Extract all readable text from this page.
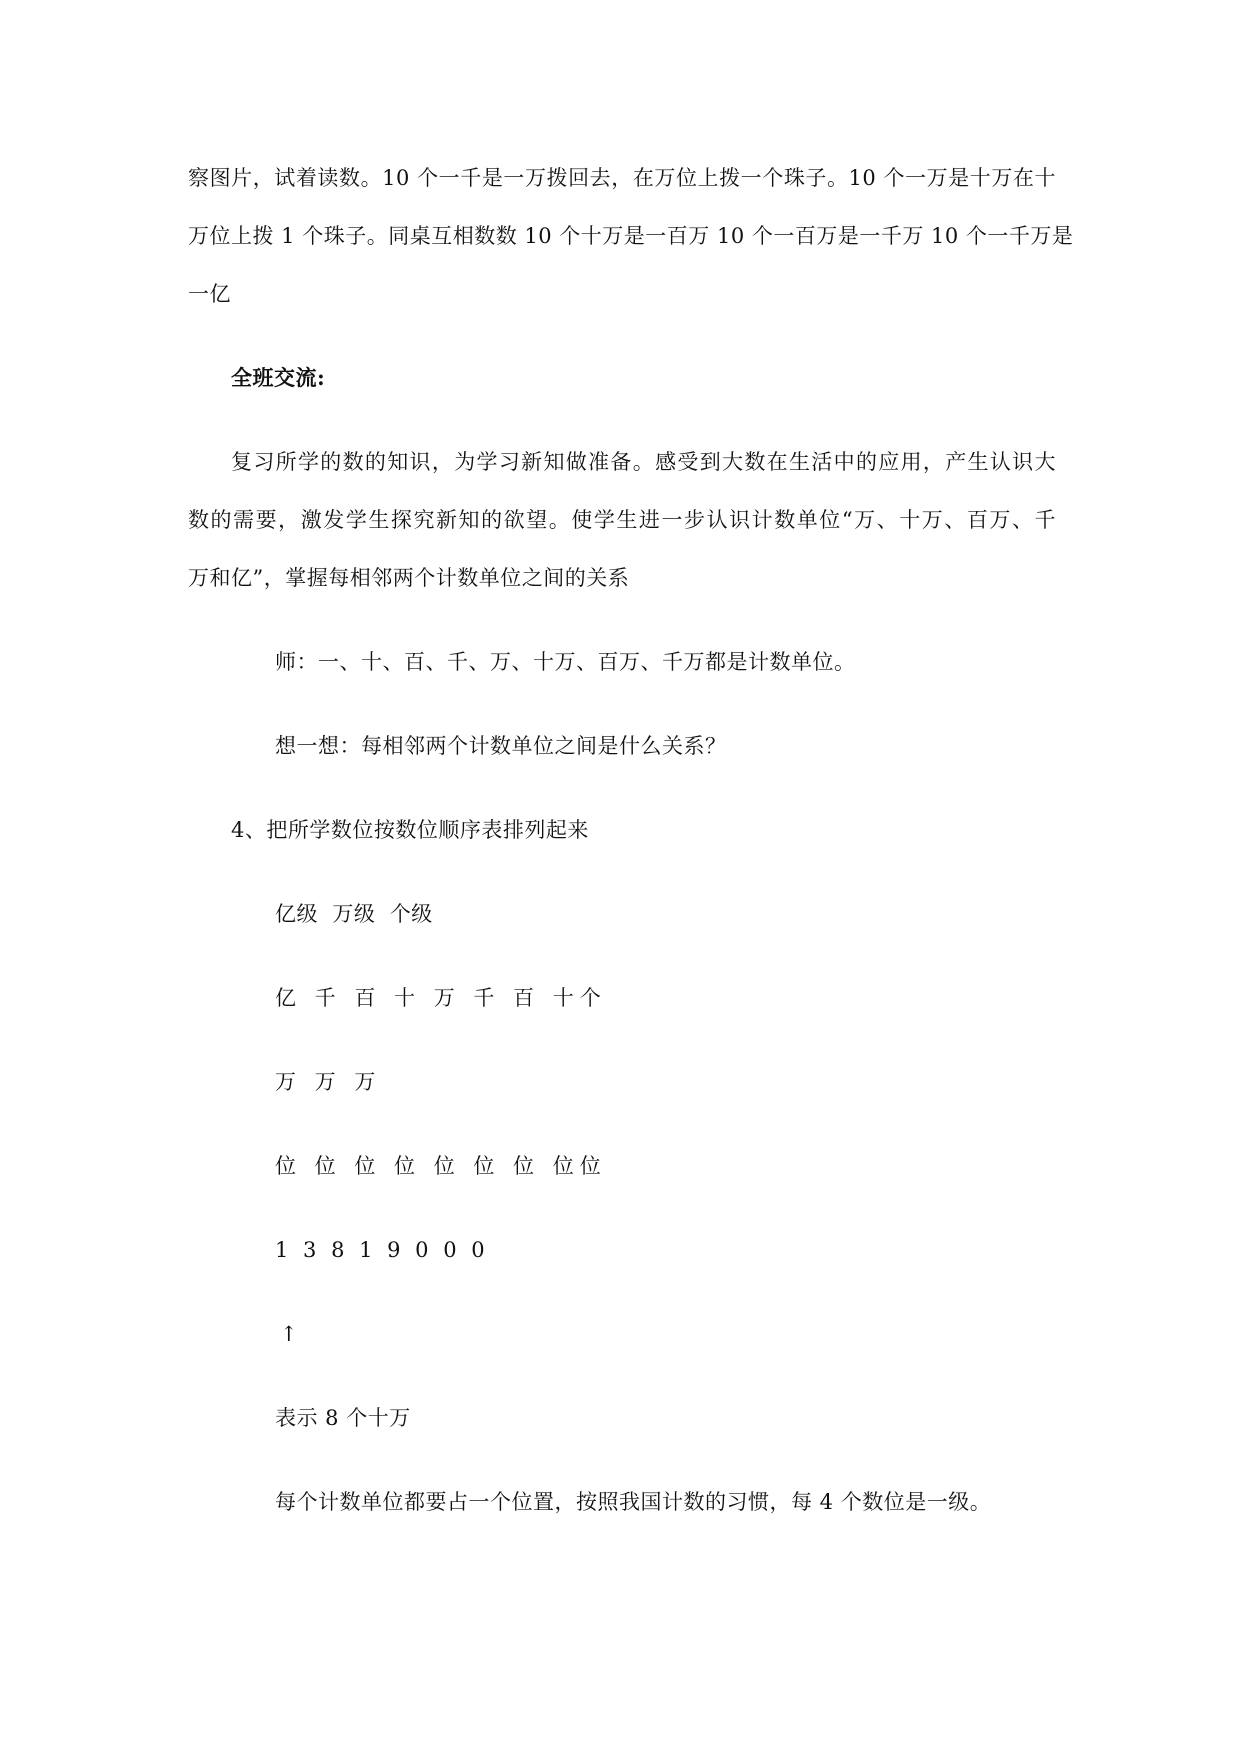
察图片，试着读数。10 个一千是一万拨回去，在万位上拨一个珠子。10 个一万是十万在十
万位上拨 1 个珠子。同桌互相数数 10 个十万是一百万 10 个一百万是一千万 10 个一千万是
一亿
全班交流:
复习所学的数的知识，为学习新知做准备。感受到大数在生活中的应用，产生认识大
数的需要，激发学生探究新知的欲望。使学生进一步认识计数单位“万、十万、百万、千
万和亿”，掌握每相邻两个计数单位之间的关系
师：一、十、百、千、万、十万、百万、千万都是计数单位。
想一想：每相邻两个计数单位之间是什么关系？
4、把所学数位按数位顺序表排列起来
亿级  万级  个级
亿 千 百 十 万 千 百 十个
万 万 万
位 位 位 位 位 位 位 位位
1 3 8 1 9 0 0 0
↑
表示 8 个十万
每个计数单位都要占一个位置，按照我国计数的习惯，每 4 个数位是一级。
